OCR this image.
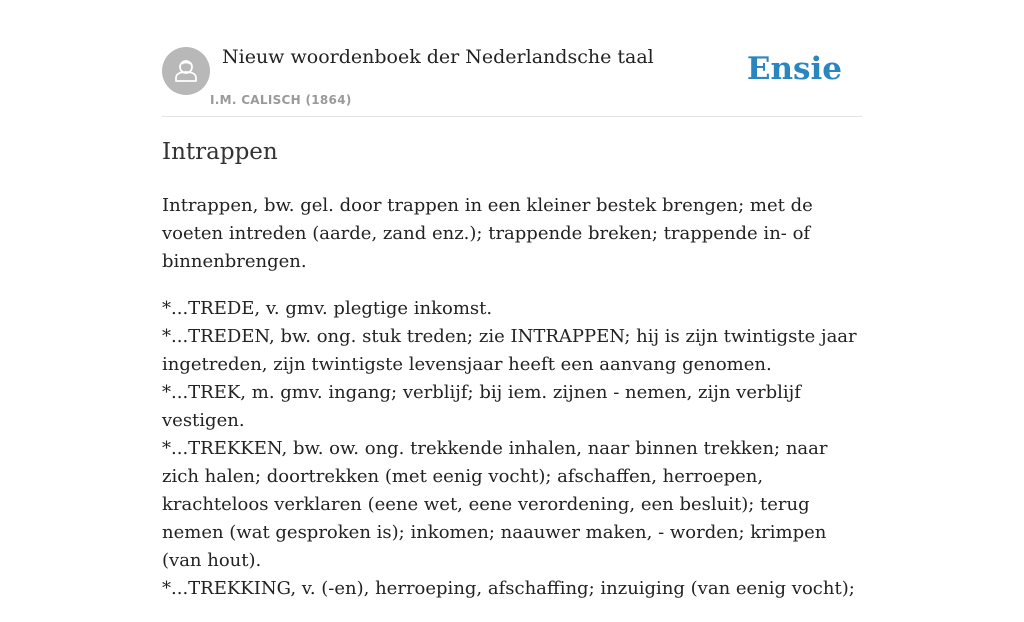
Nieuw woordenboek der Nederlandsche taal
I.M. CALISCH (1864)
Ensie
Intrappen

Intrappen, bw. gel. door trappen in een kleiner bestek brengen; met de voeten intreden (aarde, zand enz.); trappende breken; trappende in- of binnenbrengen.

*...TREDE, v. gmv. plegtige inkomst.
*...TREDEN, bw. ong. stuk treden; zie INTRAPPEN; hij is zijn twintigste jaar ingetreden, zijn twintigste levensjaar heeft een aanvang genomen.
*...TREK, m. gmv. ingang; verblijf; bij iem. zijnen - nemen, zijn verblijf vestigen.
*...TREKKEN, bw. ow. ong. trekkende inhalen, naar binnen trekken; naar zich halen; doortrekken (met eenig vocht); afschaffen, herroepen, krachteloos verklaren (eene wet, eene verordening, een besluit); terug nemen (wat gesproken is); inkomen; naauwer maken, - worden; krimpen (van hout).
*...TREKKING, v. (-en), herroeping, afschaffing; inzuiging (van eenig vocht);
